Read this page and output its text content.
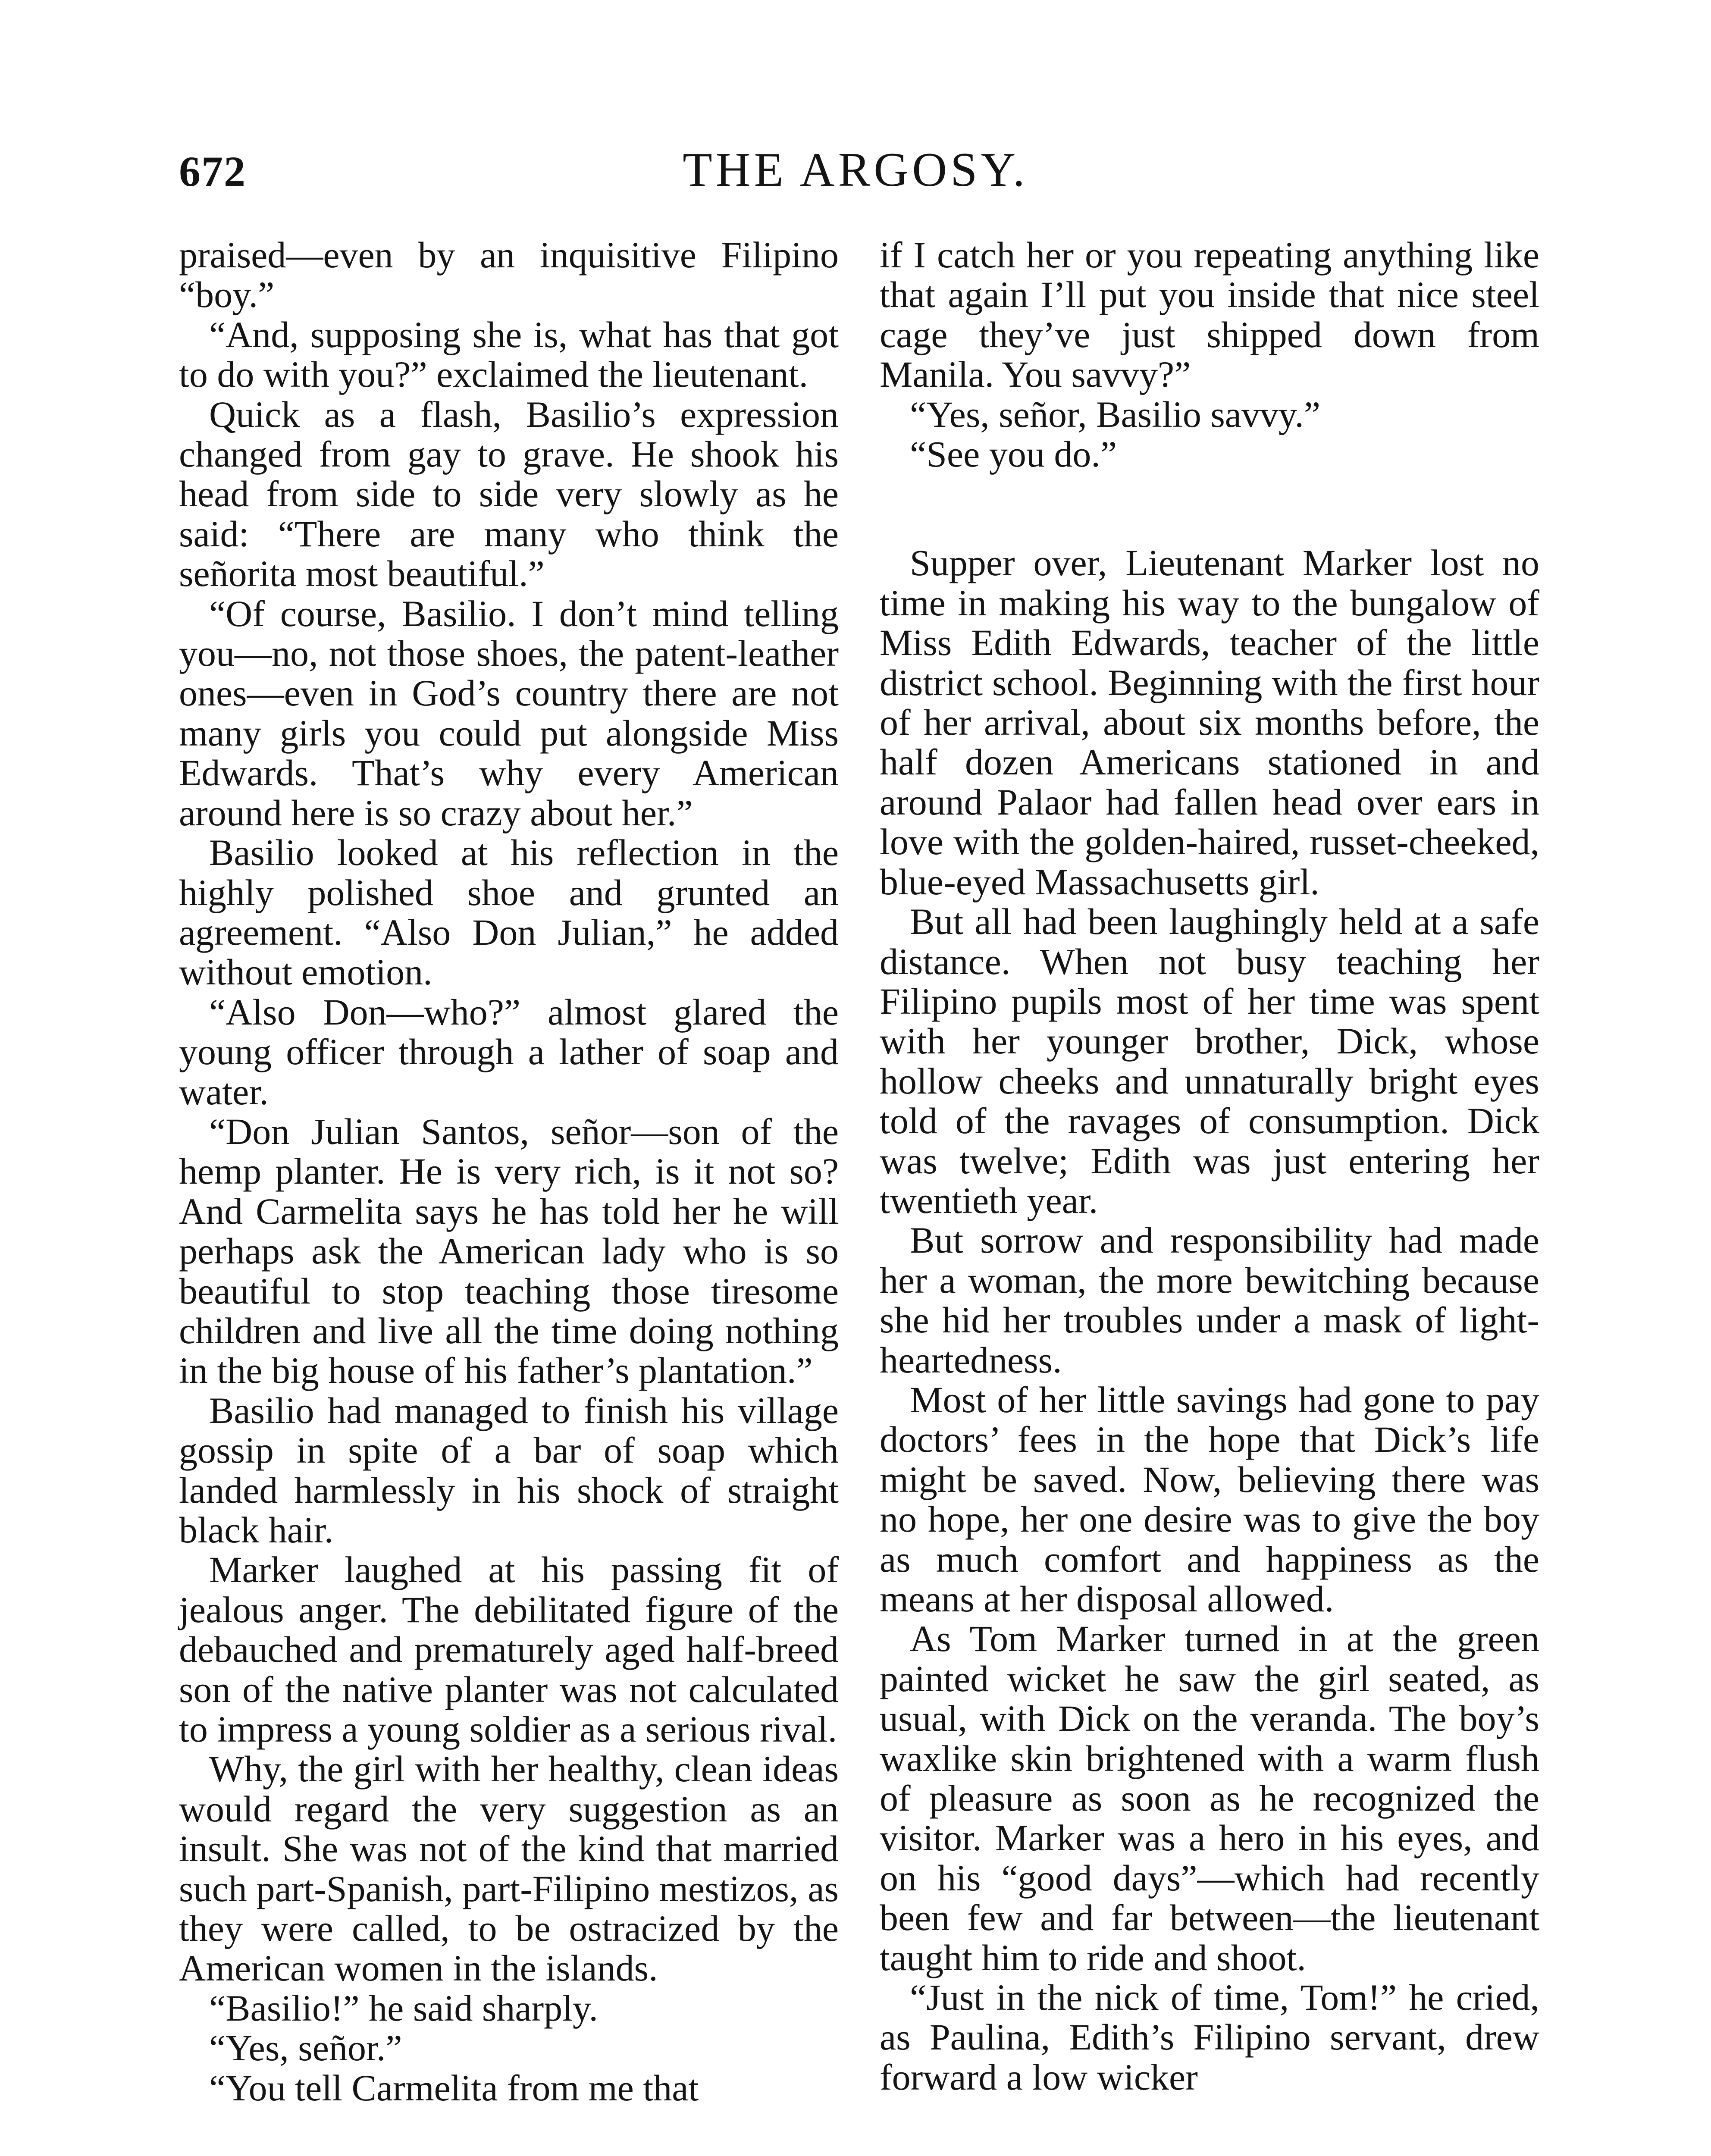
672	THE ARGOSY.

praised—even by an inquisitive Filipino “boy.”

“And, supposing she is, what has that got to do with you?” exclaimed the lieutenant.

Quick as a flash, Basilio’s expression changed from gay to grave. He shook his head from side to side very slowly as he said: “There are many who think the señorita most beautiful.”

“Of course, Basilio. I don’t mind telling you—no, not those shoes, the patent-leather ones—even in God’s country there are not many girls you could put alongside Miss Edwards. That’s why every American around here is so crazy about her.”

Basilio looked at his reflection in the highly polished shoe and grunted an agreement. “Also Don Julian,” he added without emotion.

“Also Don—who?” almost glared the young officer through a lather of soap and water.

“Don Julian Santos, señor—son of the hemp planter. He is very rich, is it not so? And Carmelita says he has told her he will perhaps ask the American lady who is so beautiful to stop teaching those tiresome children and live all the time doing nothing in the big house of his father’s plantation.”

Basilio had managed to finish his village gossip in spite of a bar of soap which landed harmlessly in his shock of straight black hair.

Marker laughed at his passing fit of jealous anger. The debilitated figure of the debauched and prematurely aged half-breed son of the native planter was not calculated to impress a young soldier as a serious rival.

Why, the girl with her healthy, clean ideas would regard the very suggestion as an insult. She was not of the kind that married such part-Spanish, part-Filipino mestizos, as they were called, to be ostracized by the American women in the islands.

“Basilio!” he said sharply.

“Yes, señor.”

“You tell Carmelita from me that

if I catch her or you repeating anything like that again I’ll put you inside that nice steel cage they’ve just shipped down from Manila. You savvy?”

“Yes, señor, Basilio savvy.”

“See you do.”

Supper over, Lieutenant Marker lost no time in making his way to the bungalow of Miss Edith Edwards, teacher of the little district school. Beginning with the first hour of her arrival, about six months before, the half dozen Americans stationed in and around Palaor had fallen head over ears in love with the golden-haired, russet-cheeked, blue-eyed Massachusetts girl.

But all had been laughingly held at a safe distance. When not busy teaching her Filipino pupils most of her time was spent with her younger brother, Dick, whose hollow cheeks and unnaturally bright eyes told of the ravages of consumption. Dick was twelve; Edith was just entering her twentieth year.

But sorrow and responsibility had made her a woman, the more bewitching because she hid her troubles under a mask of light-heartedness.

Most of her little savings had gone to pay doctors’ fees in the hope that Dick’s life might be saved. Now, believing there was no hope, her one desire was to give the boy as much comfort and happiness as the means at her disposal allowed.

As Tom Marker turned in at the green painted wicket he saw the girl seated, as usual, with Dick on the veranda. The boy’s waxlike skin brightened with a warm flush of pleasure as soon as he recognized the visitor. Marker was a hero in his eyes, and on his “good days”—which had recently been few and far between—the lieutenant taught him to ride and shoot.

“Just in the nick of time, Tom!” he cried, as Paulina, Edith’s Filipino servant, drew forward a low wicker
